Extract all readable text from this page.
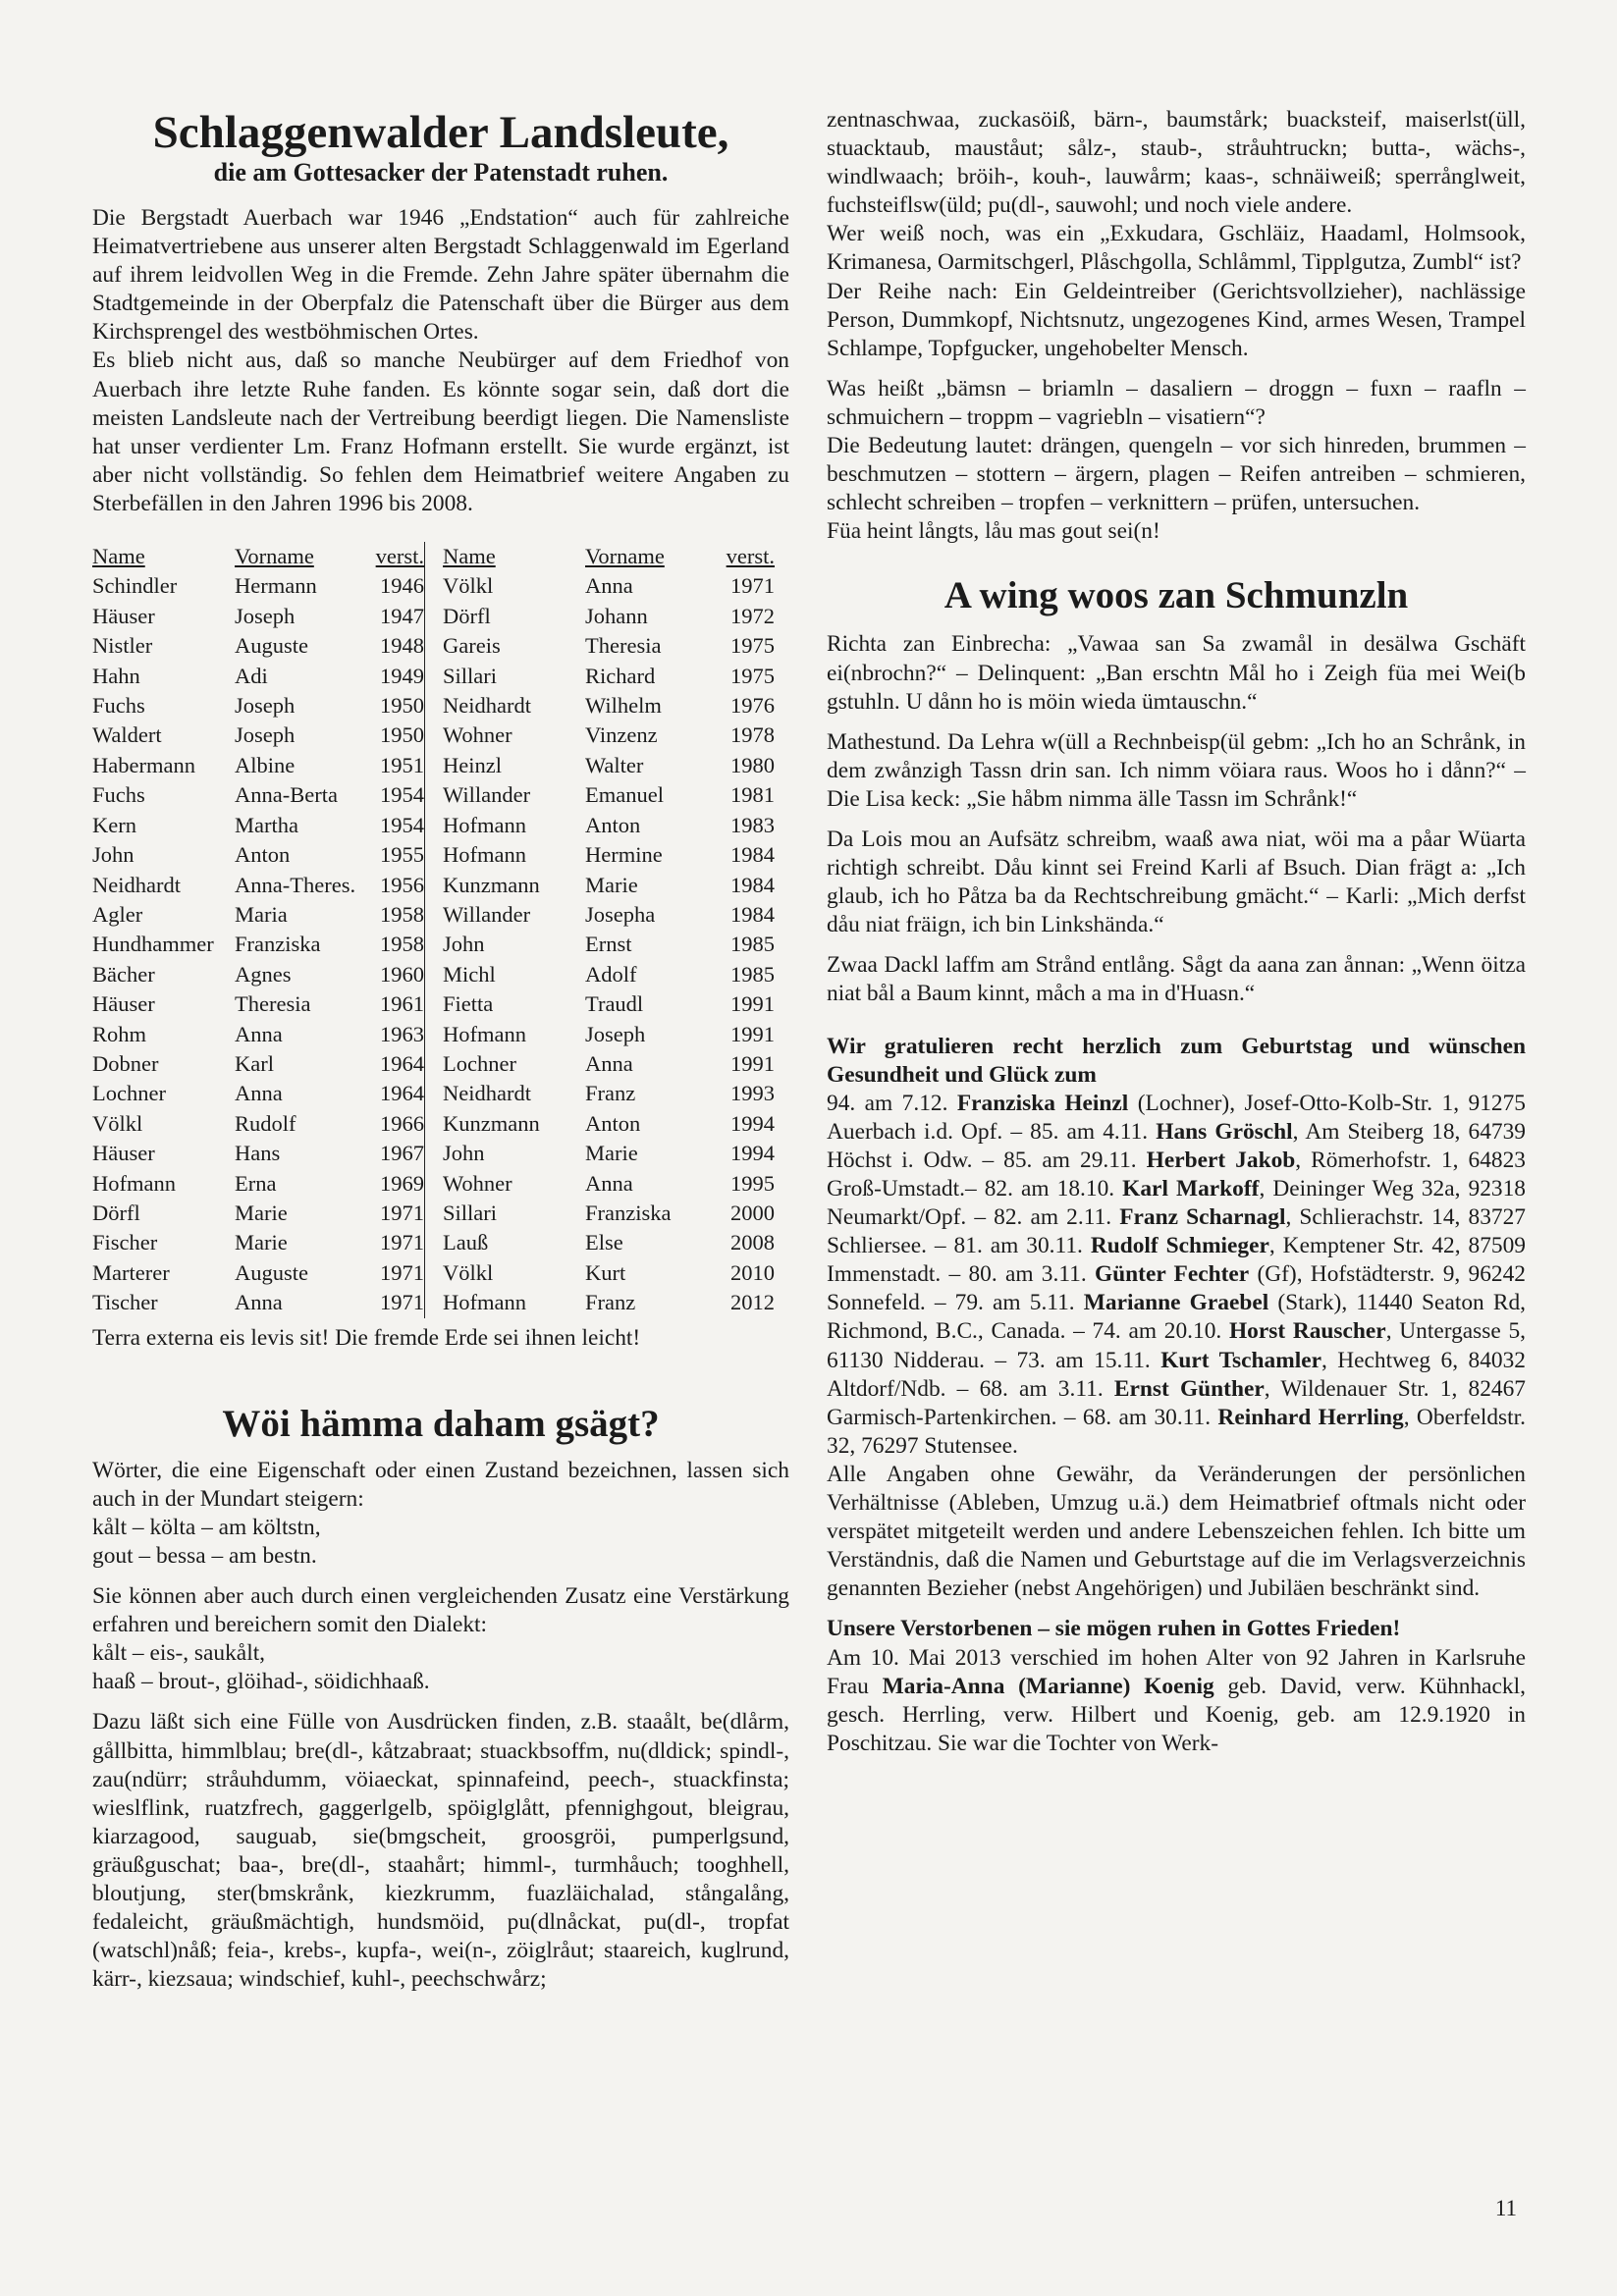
Schlaggenwalder Landsleute,
die am Gottesacker der Patenstadt ruhen.

Die Bergstadt Auerbach war 1946 „Endstation“ auch für zahlreiche Heimatvertriebene aus unserer alten Bergstadt Schlaggenwald im Egerland auf ihrem leidvollen Weg in die Fremde. Zehn Jahre später übernahm die Stadtgemeinde in der Oberpfalz die Patenschaft über die Bürger aus dem Kirchsprengel des westböhmischen Ortes.

Es blieb nicht aus, daß so manche Neubürger auf dem Friedhof von Auerbach ihre letzte Ruhe fanden. Es könnte sogar sein, daß dort die meisten Landsleute nach der Vertreibung beerdigt liegen. Die Namensliste hat unser verdienter Lm. Franz Hofmann erstellt. Sie wurde ergänzt, ist aber nicht vollständig. So fehlen dem Heimatbrief weitere Angaben zu Sterbefällen in den Jahren 1996 bis 2008.

Name	Vorname	verst.		Name	Vorname	verst.
Schindler	Hermann	1946		Völkl	Anna	1971
Häuser	Joseph	1947		Dörfl	Johann	1972
Nistler	Auguste	1948		Gareis	Theresia	1975
Hahn	Adi	1949		Sillari	Richard	1975
Fuchs	Joseph	1950		Neidhardt	Wilhelm	1976
Waldert	Joseph	1950		Wohner	Vinzenz	1978
Habermann	Albine	1951		Heinzl	Walter	1980
Fuchs	Anna-Berta	1954		Willander	Emanuel	1981
Kern	Martha	1954		Hofmann	Anton	1983
John	Anton	1955		Hofmann	Hermine	1984
Neidhardt	Anna-Theres.	1956		Kunzmann	Marie	1984
Agler	Maria	1958		Willander	Josepha	1984
Hundhammer	Franziska	1958		John	Ernst	1985
Bächer	Agnes	1960		Michl	Adolf	1985
Häuser	Theresia	1961		Fietta	Traudl	1991
Rohm	Anna	1963		Hofmann	Joseph	1991
Dobner	Karl	1964		Lochner	Anna	1991
Lochner	Anna	1964		Neidhardt	Franz	1993
Völkl	Rudolf	1966		Kunzmann	Anton	1994
Häuser	Hans	1967		John	Marie	1994
Hofmann	Erna	1969		Wohner	Anna	1995
Dörfl	Marie	1971		Sillari	Franziska	2000
Fischer	Marie	1971		Lauß	Else	2008
Marterer	Auguste	1971		Völkl	Kurt	2010
Tischer	Anna	1971		Hofmann	Franz	2012

Terra externa eis levis sit! Die fremde Erde sei ihnen leicht!

Wöi hämma daham gsägt?

Wörter, die eine Eigenschaft oder einen Zustand bezeichnen, lassen sich auch in der Mundart steigern:

kålt – költa – am költstn,

gout – bessa – am bestn.

Sie können aber auch durch einen vergleichenden Zusatz eine Verstärkung erfahren und bereichern somit den Dialekt:

kålt – eis-, saukålt,

haaß – brout-, glöihad-, söidichhaaß.

Dazu läßt sich eine Fülle von Ausdrücken finden, z.B. staaålt, be(dlårm, gållbitta, himmlblau; bre(dl-, kåtzabraat; stuackbsoffm, nu(dldick; spindl-, zau(ndürr; stråuhdumm, vöiaeckat, spinnafeind, peech-, stuackfinsta; wieslflink, ruatzfrech, gaggerlgelb, spöiglglått, pfennighgout, bleigrau, kiarzagood, sauguab, sie(bmgscheit, groosgröi, pumperlgsund, gräußguschat; baa-, bre(dl-, staahårt; himml-, turmhåuch; tooghhell, bloutjung, ster(bmskrånk, kiezkrumm, fuazläichalad, stångalång, fedaleicht, gräußmächtigh, hundsmöid, pu(dlnåckat, pu(dl-, tropfat (watschl)nåß; feia-, krebs-, kupfa-, wei(n-, zöiglråut; staareich, kuglrund, kärr-, kiezsaua; windschief, kuhl-, peechschwårz;

zentnaschwaa, zuckasöiß, bärn-, baumstårk; buacksteif, maiserlst(üll, stuacktaub, mauståut; sålz-, staub-, stråuhtruckn; butta-, wächs-, windlwaach; bröih-, kouh-, lauwårm; kaas-, schnäiweiß; sperrånglweit, fuchsteiflsw(üld; pu(dl-, sauwohl; und noch viele andere.

Wer weiß noch, was ein „Exkudara, Gschläiz, Haadaml, Holmsook, Krimanesa, Oarmitschgerl, Plåschgolla, Schlåmml, Tipplgutza, Zumbl“ ist?

Der Reihe nach: Ein Geldeintreiber (Gerichtsvollzieher), nachlässige Person, Dummkopf, Nichtsnutz, ungezogenes Kind, armes Wesen, Trampel Schlampe, Topfgucker, ungehobelter Mensch.

Was heißt „bämsn – briamln – dasaliern – droggn – fuxn – raafln – schmuichern – troppm – vagriebln – visatiern“?

Die Bedeutung lautet: drängen, quengeln – vor sich hinreden, brummen – beschmutzen – stottern – ärgern, plagen – Reifen antreiben – schmieren, schlecht schreiben – tropfen – verknittern – prüfen, untersuchen.

Füa heint långts, låu mas gout sei(n!

A wing woos zan Schmunzln

Richta zan Einbrecha: „Vawaa san Sa zwamål in desälwa Gschäft ei(nbrochn?“ – Delinquent: „Ban erschtn Mål ho i Zeigh füa mei Wei(b gstuhln. U dånn ho is möin wieda ümtauschn.“

Mathestund. Da Lehra w(üll a Rechnbeisp(ül gebm: „Ich ho an Schrånk, in dem zwånzigh Tassn drin san. Ich nimm vöiara raus. Woos ho i dånn?“ – Die Lisa keck: „Sie håbm nimma älle Tassn im Schrånk!“

Da Lois mou an Aufsätz schreibm, waaß awa niat, wöi ma a påar Wüarta richtigh schreibt. Dåu kinnt sei Freind Karli af Bsuch. Dian frägt a: „Ich glaub, ich ho Påtza ba da Rechtschreibung gmächt.“ – Karli: „Mich derfst dåu niat fräign, ich bin Linkshända.“

Zwaa Dackl laffm am Strånd entlång. Sågt da aana zan ånnan: „Wenn öitza niat bål a Baum kinnt, måch a ma in d'Huasn.“

Wir gratulieren recht herzlich zum Geburtstag und wünschen Gesundheit und Glück zum

94. am 7.12. Franziska Heinzl (Lochner), Josef-Otto-Kolb-Str. 1, 91275 Auerbach i.d. Opf. – 85. am 4.11. Hans Gröschl, Am Steiberg 18, 64739 Höchst i. Odw. – 85. am 29.11. Herbert Jakob, Römerhofstr. 1, 64823 Groß-Umstadt.– 82. am 18.10. Karl Markoff, Deininger Weg 32a, 92318 Neumarkt/Opf. – 82. am 2.11. Franz Scharnagl, Schlierachstr. 14, 83727 Schliersee. – 81. am 30.11. Rudolf Schmieger, Kemptener Str. 42, 87509 Immenstadt. – 80. am 3.11. Günter Fechter (Gf), Hofstädterstr. 9, 96242 Sonnefeld. – 79. am 5.11. Marianne Graebel (Stark), 11440 Seaton Rd, Richmond, B.C., Canada. – 74. am 20.10. Horst Rauscher, Untergasse 5, 61130 Nidderau. – 73. am 15.11. Kurt Tschamler, Hechtweg 6, 84032 Altdorf/Ndb. – 68. am 3.11. Ernst Günther, Wildenauer Str. 1, 82467 Garmisch-Partenkirchen. – 68. am 30.11. Reinhard Herrling, Oberfeldstr. 32, 76297 Stutensee.

Alle Angaben ohne Gewähr, da Veränderungen der persönlichen Verhältnisse (Ableben, Umzug u.ä.) dem Heimatbrief oftmals nicht oder verspätet mitgeteilt werden und andere Lebenszeichen fehlen. Ich bitte um Verständnis, daß die Namen und Geburtstage auf die im Verlagsverzeichnis genannten Bezieher (nebst Angehörigen) und Jubiläen beschränkt sind.

Unsere Verstorbenen – sie mögen ruhen in Gottes Frieden!

Am 10. Mai 2013 verschied im hohen Alter von 92 Jahren in Karlsruhe Frau Maria-Anna (Marianne) Koenig geb. David, verw. Kühnhackl, gesch. Herrling, verw. Hilbert und Koenig, geb. am 12.9.1920 in Poschitzau. Sie war die Tochter von Werk-

11
